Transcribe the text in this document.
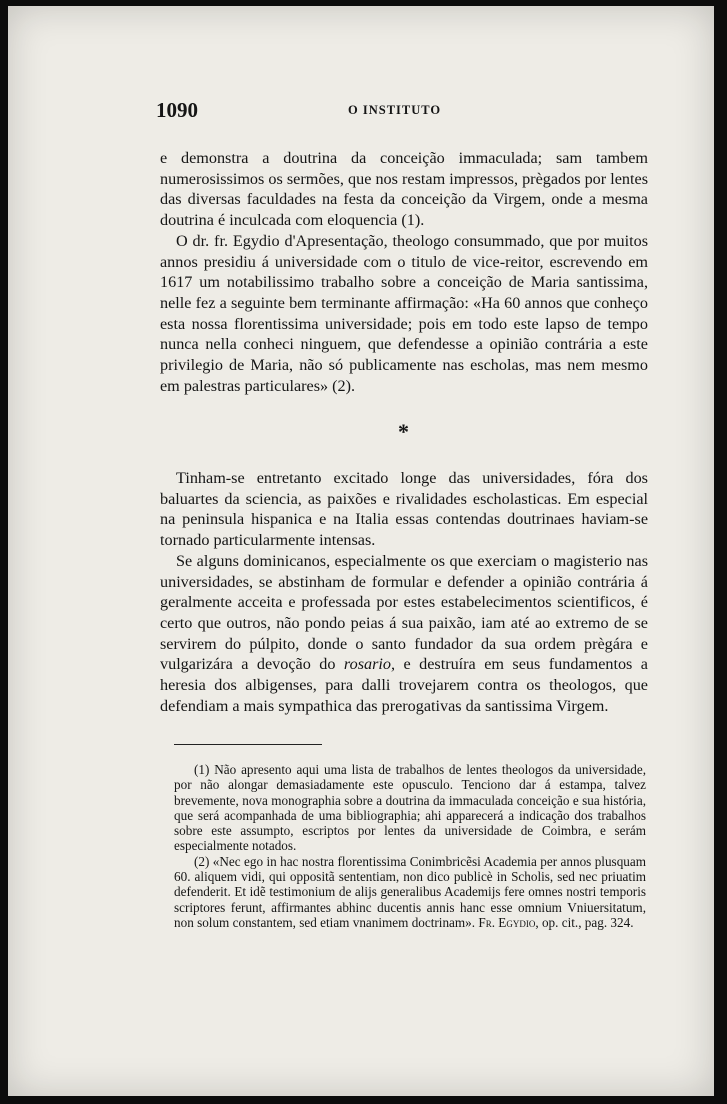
1090	O INSTITUTO

e demonstra a doutrina da conceição immaculada; sam tambem numerosissimos os sermões, que nos restam impressos, prègados por lentes das diversas faculdades na festa da conceição da Virgem, onde a mesma doutrina é inculcada com eloquencia (1).

O dr. fr. Egydio d'Apresentação, theologo consummado, que por muitos annos presidiu á universidade com o titulo de vice-reitor, escrevendo em 1617 um notabilissimo trabalho sobre a conceição de Maria santissima, nelle fez a seguinte bem terminante affirmação: «Ha 60 annos que conheço esta nossa florentissima universidade; pois em todo este lapso de tempo nunca nella conheci ninguem, que defendesse a opinião contrária a este privilegio de Maria, não só publicamente nas escholas, mas nem mesmo em palestras particulares» (2).

*

Tinham-se entretanto excitado longe das universidades, fóra dos baluartes da sciencia, as paixões e rivalidades escholasticas. Em especial na peninsula hispanica e na Italia essas contendas doutrinaes haviam-se tornado particularmente intensas.

Se alguns dominicanos, especialmente os que exerciam o magisterio nas universidades, se abstinham de formular e defender a opinião contrária á geralmente acceita e professada por estes estabelecimentos scientificos, é certo que outros, não pondo peias á sua paixão, iam até ao extremo de se servirem do púlpito, donde o santo fundador da sua ordem prègára e vulgarizára a devoção do rosario, e destruíra em seus fundamentos a heresia dos albigenses, para dalli trovejarem contra os theologos, que defendiam a mais sympathica das prerogativas da santissima Virgem.

(1) Não apresento aqui uma lista de trabalhos de lentes theologos da universidade, por não alongar demasiadamente este opusculo. Tenciono dar á estampa, talvez brevemente, nova monographia sobre a doutrina da immaculada conceição e sua história, que será acompanhada de uma bibliographia; ahi apparecerá a indicação dos trabalhos sobre este assumpto, escriptos por lentes da universidade de Coimbra, e serám especialmente notados.

(2) «Nec ego in hac nostra florentissima Conimbricẽsi Academia per annos plusquam 60. aliquem vidi, qui oppositã sententiam, non dico publicè in Scholis, sed nec priuatim defenderit. Et idẽ testimonium de alijs generalibus Academijs fere omnes nostri temporis scriptores ferunt, affirmantes abhinc ducentis annis hanc esse omnium Vniuersitatum, non solum constantem, sed etiam vnanimem doctrinam». Fr. Egydio, op. cit., pag. 324.
